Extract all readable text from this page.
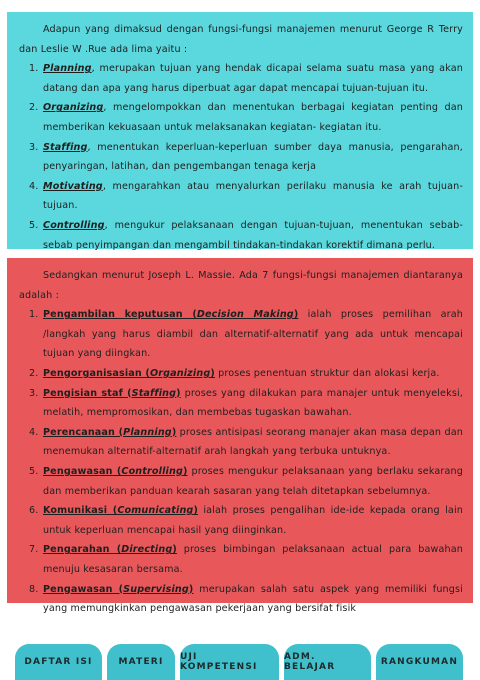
Adapun yang dimaksud dengan fungsi-fungsi manajemen menurut George R Terry dan Leslie W .Rue ada lima yaitu :

1. Planning, merupakan tujuan yang hendak dicapai selama suatu masa yang akan datang dan apa yang harus diperbuat agar dapat mencapai tujuan-tujuan itu.
2. Organizing, mengelompokkan dan menentukan berbagai kegiatan penting dan memberikan kekuasaan untuk melaksanakan kegiatan- kegiatan itu.
3. Staffing, menentukan keperluan-keperluan sumber daya manusia, pengarahan, penyaringan, latihan, dan pengembangan tenaga kerja
4. Motivating, mengarahkan atau menyalurkan perilaku manusia ke arah tujuan-tujuan.
5. Controlling, mengukur pelaksanaan dengan tujuan-tujuan, menentukan sebab-sebab penyimpangan dan mengambil tindakan-tindakan korektif dimana perlu.

Sedangkan menurut Joseph L. Massie. Ada 7 fungsi-fungsi manajemen diantaranya adalah :

1. Pengambilan keputusan (Decision Making) ialah proses pemilihan arah /langkah yang harus diambil dan alternatif-alternatif yang ada untuk mencapai tujuan yang diingkan.
2. Pengorganisasian (Organizing) proses penentuan struktur dan alokasi kerja.
3. Pengisian staf (Staffing) proses yang dilakukan para manajer untuk menyeleksi, melatih, mempromosikan, dan membebas tugaskan bawahan.
4. Perencanaan (Planning) proses antisipasi seorang manajer akan masa depan dan menemukan alternatif-alternatif arah langkah yang terbuka untuknya.
5. Pengawasan (Controlling) proses mengukur pelaksanaan yang berlaku sekarang dan memberikan panduan kearah sasaran yang telah ditetapkan sebelumnya.
6. Komunikasi (Comunicating) ialah proses pengalihan ide-ide kepada orang lain untuk keperluan mencapai hasil yang diinginkan.
7. Pengarahan (Directing) proses bimbingan pelaksanaan actual para bawahan menuju kesasaran bersama.
8. Pengawasan (Supervising) merupakan salah satu aspek yang memiliki fungsi yang memungkinkan pengawasan pekerjaan yang bersifat fisik
DAFTAR ISI	MATERI	UJI KOMPETENSI
ADM. BELAJAR	RANGKUMAN
